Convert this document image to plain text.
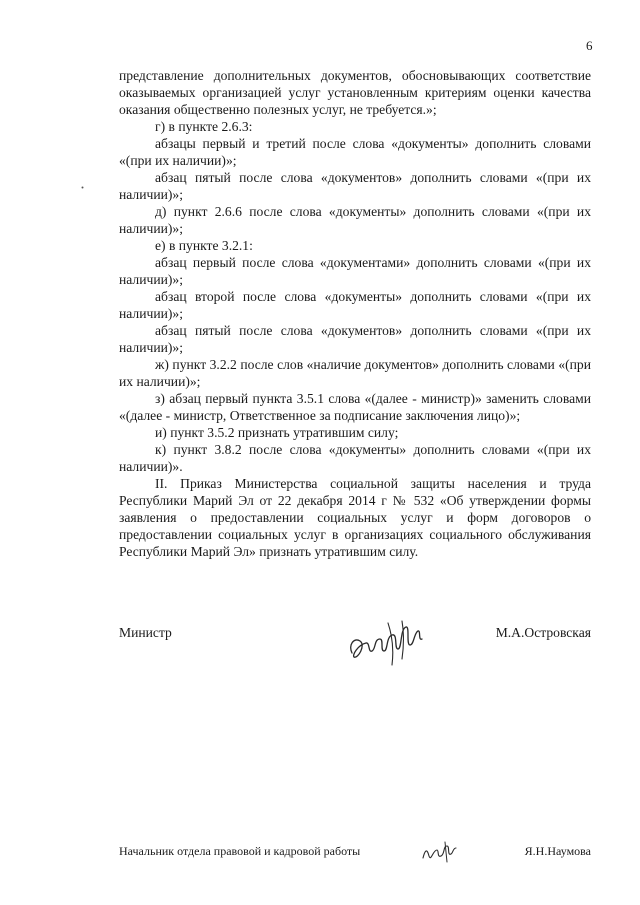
6

представление дополнительных документов, обосновывающих соответствие оказываемых организацией услуг установленным критериям оценки качества оказания общественно полезных услуг, не требуется.»;

г) в пункте 2.6.3:

абзацы первый и третий после слова «документы» дополнить словами «(при их наличии)»;

абзац пятый после слова «документов» дополнить словами «(при их наличии)»;

д) пункт 2.6.6 после слова «документы» дополнить словами «(при их наличии)»;

е) в пункте 3.2.1:

абзац первый после слова «документами» дополнить словами «(при их наличии)»;

абзац второй после слова «документы» дополнить словами «(при их наличии)»;

абзац пятый после слова «документов» дополнить словами «(при их наличии)»;

ж) пункт 3.2.2 после слов «наличие документов» дополнить словами «(при их наличии)»;

з) абзац первый пункта 3.5.1 слова «(далее - министр)» заменить словами «(далее - министр, Ответственное за подписание заключения лицо)»;

и) пункт 3.5.2 признать утратившим силу;

к) пункт 3.8.2 после слова «документы» дополнить словами «(при их наличии)».

II. Приказ Министерства социальной защиты населения и труда Республики Марий Эл от 22 декабря 2014 г № 532 «Об утверждении формы заявления о предоставлении социальных услуг и форм договоров о предоставлении социальных услуг в организациях социального обслуживания Республики Марий Эл» признать утратившим силу.

Министр	М.А.Островская
Начальник отдела правовой и кадровой работы	Я.Н.Наумова
